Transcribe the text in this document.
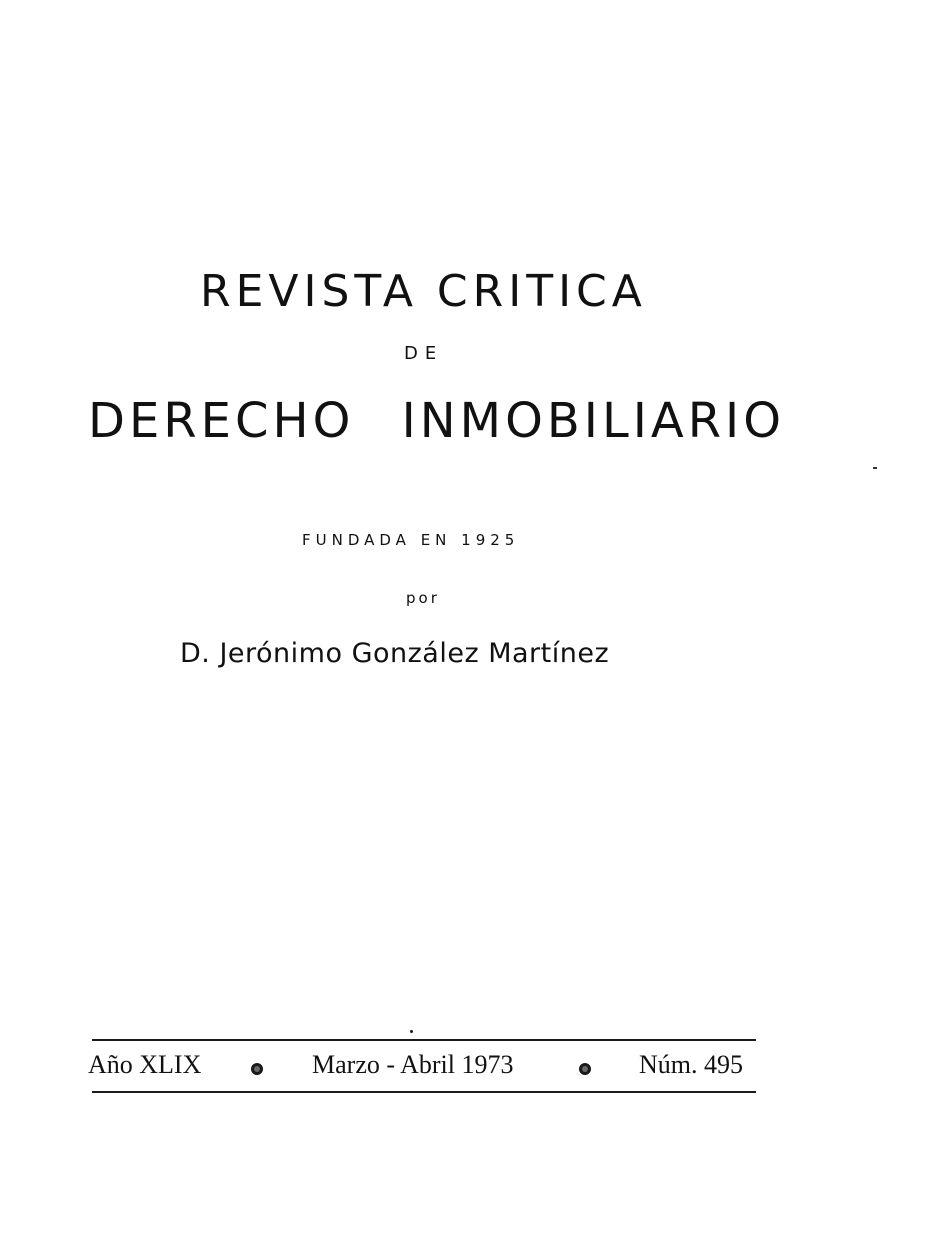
REVISTA CRITICA
DE
DERECHO INMOBILIARIO
FUNDADA EN 1925
por
D. Jerónimo González Martínez
Año XLIX	Marzo - Abril 1973	Núm. 495
